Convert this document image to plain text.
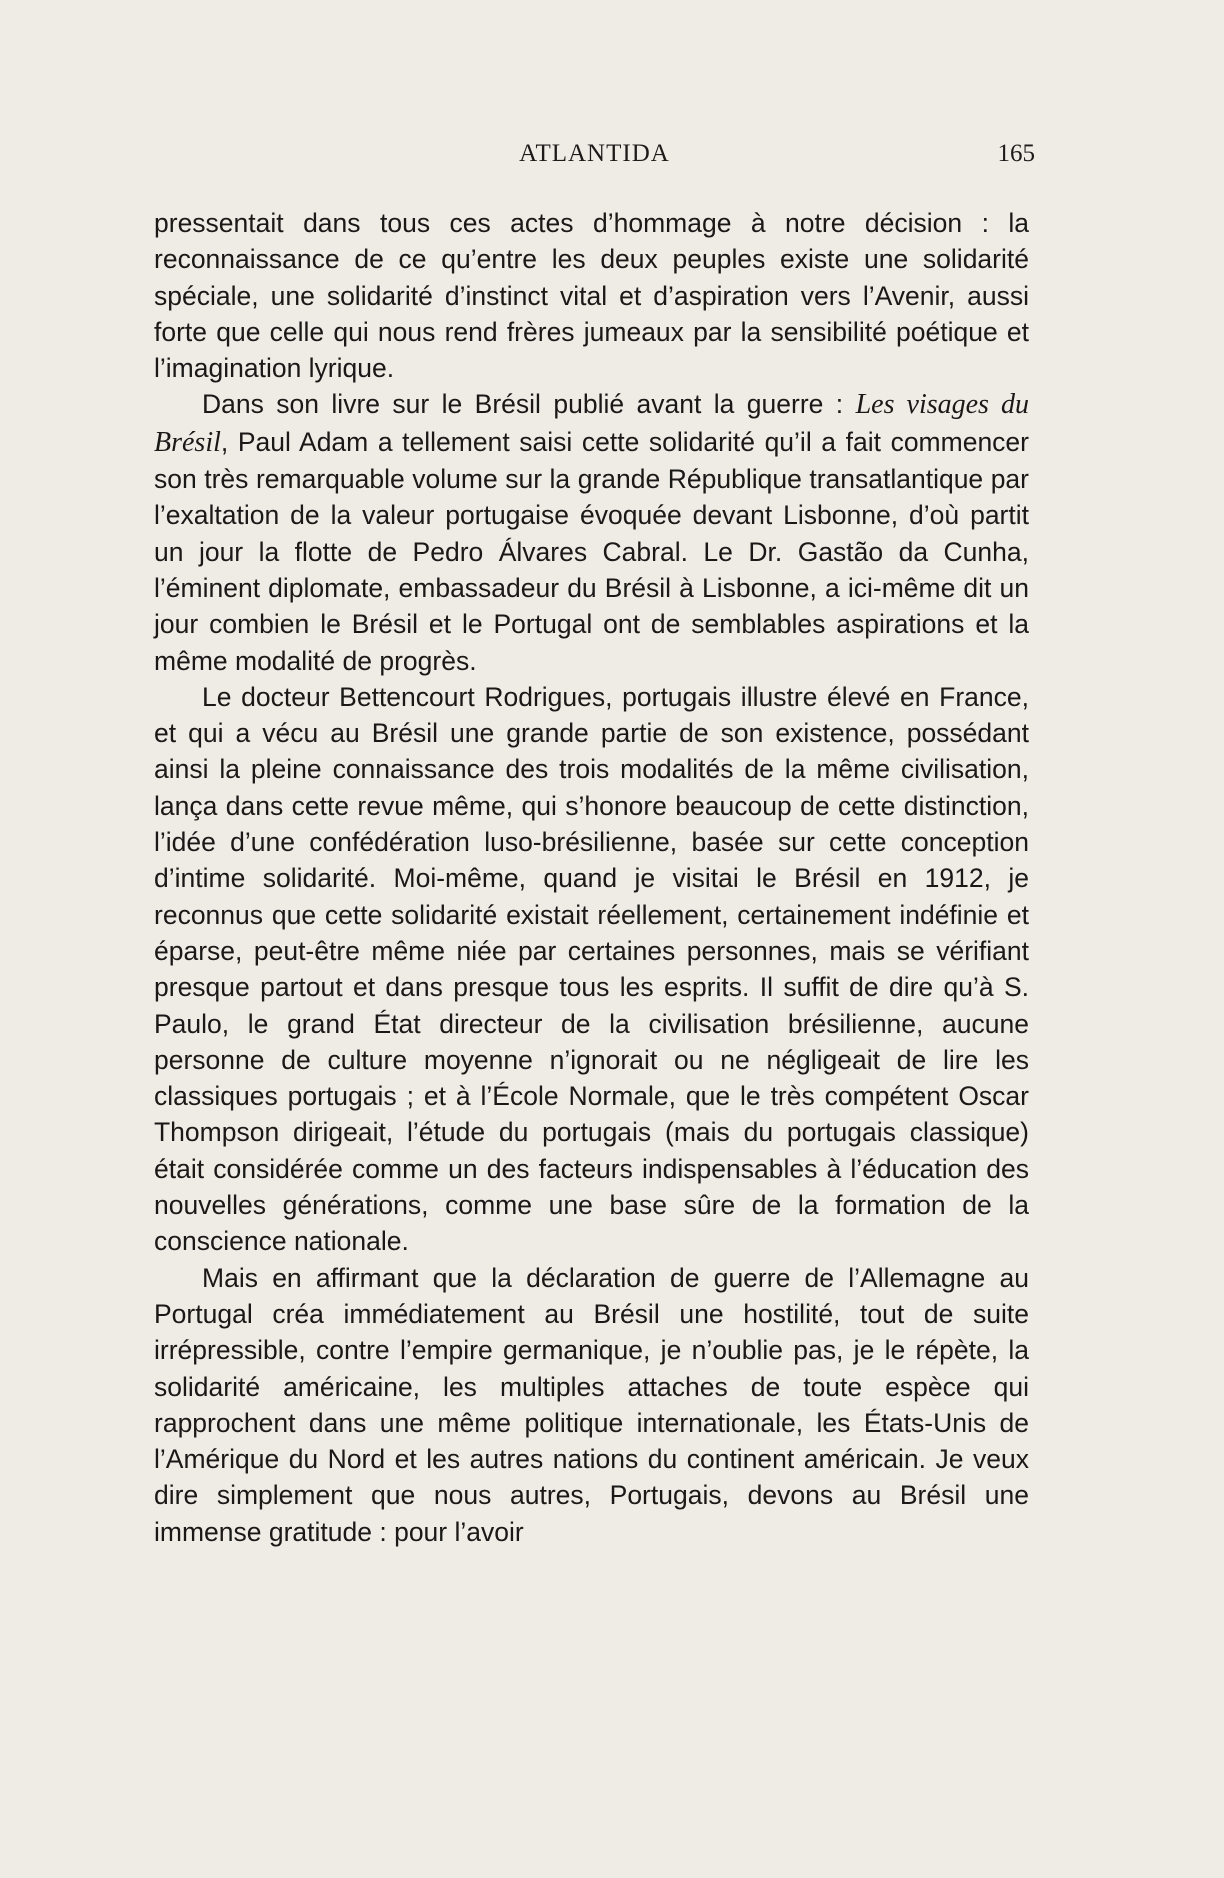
ATLANTIDA	165

pressentait dans tous ces actes d’hommage à notre décision : la reconnaissance de ce qu’entre les deux peuples existe une solidarité spéciale, une solidarité d’instinct vital et d’aspiration vers l’Avenir, aussi forte que celle qui nous rend frères jumeaux par la sensibilité poétique et l’imagination lyrique.

Dans son livre sur le Brésil publié avant la guerre : Les visages du Brésil, Paul Adam a tellement saisi cette solidarité qu’il a fait commencer son très remarquable volume sur la grande République transatlantique par l’exaltation de la valeur portugaise évoquée devant Lisbonne, d’où partit un jour la flotte de Pedro Álvares Cabral. Le Dr. Gastão da Cunha, l’éminent diplomate, embassadeur du Brésil à Lisbonne, a ici-même dit un jour combien le Brésil et le Portugal ont de semblables aspirations et la même modalité de progrès.

Le docteur Bettencourt Rodrigues, portugais illustre élevé en France, et qui a vécu au Brésil une grande partie de son existence, possédant ainsi la pleine connaissance des trois modalités de la même civilisation, lança dans cette revue même, qui s’honore beaucoup de cette distinction, l’idée d’une confédération luso-brésilienne, basée sur cette conception d’intime solidarité. Moi-même, quand je visitai le Brésil en 1912, je reconnus que cette solidarité existait réellement, certainement indéfinie et éparse, peut-être même niée par certaines personnes, mais se vérifiant presque partout et dans presque tous les esprits. Il suffit de dire qu’à S. Paulo, le grand État directeur de la civilisation brésilienne, aucune personne de culture moyenne n’ignorait ou ne négligeait de lire les classiques portugais ; et à l’École Normale, que le très compétent Oscar Thompson dirigeait, l’étude du portugais (mais du portugais classique) était considérée comme un des facteurs indispensables à l’éducation des nouvelles générations, comme une base sûre de la formation de la conscience nationale.

Mais en affirmant que la déclaration de guerre de l’Allemagne au Portugal créa immédiatement au Brésil une hostilité, tout de suite irrépressible, contre l’empire germanique, je n’oublie pas, je le répète, la solidarité américaine, les multiples attaches de toute espèce qui rapprochent dans une même politique internationale, les États-Unis de l’Amérique du Nord et les autres nations du continent américain. Je veux dire simplement que nous autres, Portugais, devons au Brésil une immense gratitude : pour l’avoir
